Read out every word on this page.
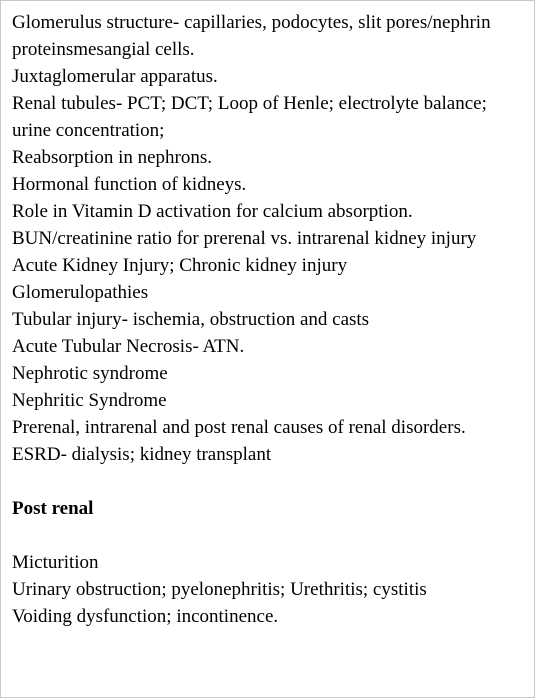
Glomerulus structure- capillaries, podocytes, slit pores/nephrin proteinsmesangial cells.

Juxtaglomerular apparatus.

Renal tubules- PCT; DCT; Loop of Henle; electrolyte balance; urine concentration;

Reabsorption in nephrons.

Hormonal function of kidneys.

Role in Vitamin D activation for calcium absorption.

BUN/creatinine ratio for prerenal vs. intrarenal kidney injury

Acute Kidney Injury; Chronic kidney injury

Glomerulopathies

Tubular injury- ischemia, obstruction and casts

Acute Tubular Necrosis- ATN.

Nephrotic syndrome

Nephritic Syndrome

Prerenal, intrarenal and post renal causes of renal disorders.

ESRD- dialysis; kidney transplant

Post renal

Micturition

Urinary obstruction; pyelonephritis; Urethritis; cystitis

Voiding dysfunction; incontinence.
